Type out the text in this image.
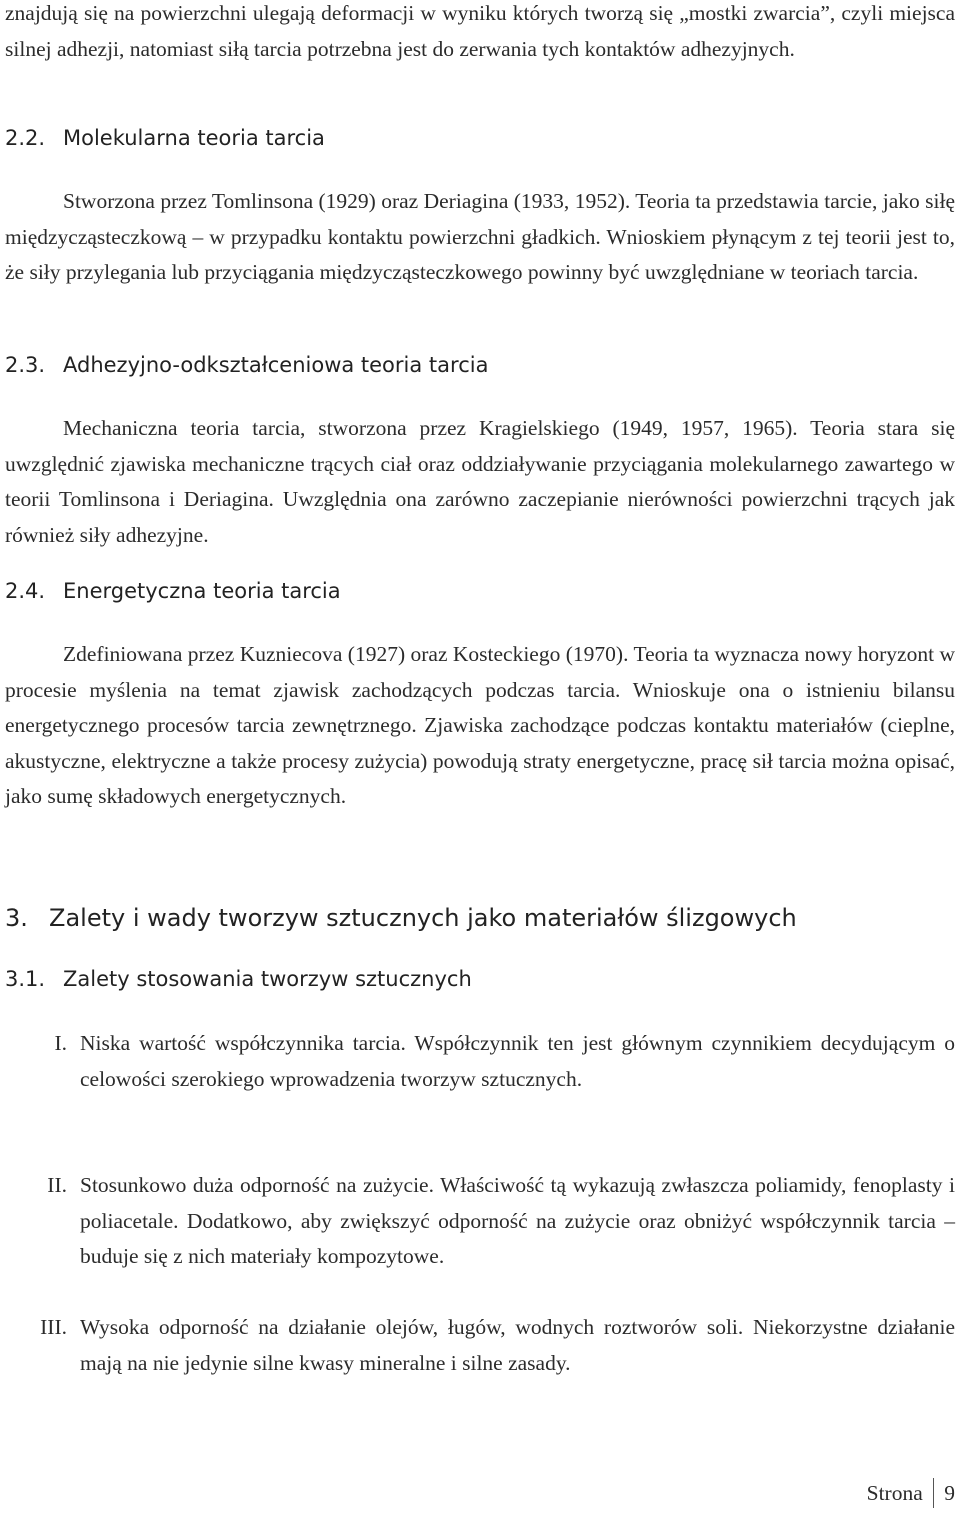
znajdują się na powierzchni ulegają deformacji w wyniku których tworzą się „mostki zwarcia”, czyli miejsca silnej adhezji, natomiast siłą tarcia potrzebna jest do zerwania tych kontaktów adhezyjnych.

2.2. Molekularna teoria tarcia

Stworzona przez Tomlinsona (1929) oraz Deriagina (1933, 1952). Teoria ta przedstawia tarcie, jako siłę międzycząsteczkową – w przypadku kontaktu powierzchni gładkich. Wnioskiem płynącym z tej teorii jest to, że siły przylegania lub przyciągania międzycząsteczkowego powinny być uwzględniane w teoriach tarcia.

2.3. Adhezyjno-odkształceniowa teoria tarcia

Mechaniczna teoria tarcia, stworzona przez Kragielskiego (1949, 1957, 1965). Teoria stara się uwzględnić zjawiska mechaniczne trących ciał oraz oddziaływanie przyciągania molekularnego zawartego w teorii Tomlinsona i Deriagina. Uwzględnia ona zarówno zaczepianie nierówności powierzchni trących jak również siły adhezyjne.

2.4. Energetyczna teoria tarcia

Zdefiniowana przez Kuzniecova (1927) oraz Kosteckiego (1970). Teoria ta wyznacza nowy horyzont w procesie myślenia na temat zjawisk zachodzących podczas tarcia. Wnioskuje ona o istnieniu bilansu energetycznego procesów tarcia zewnętrznego. Zjawiska zachodzące podczas kontaktu materiałów (cieplne, akustyczne, elektryczne a także procesy zużycia) powodują straty energetyczne, pracę sił tarcia można opisać, jako sumę składowych energetycznych.

3. Zalety i wady tworzyw sztucznych jako materiałów ślizgowych
3.1. Zalety stosowania tworzyw sztucznych
I. Niska wartość współczynnika tarcia. Współczynnik ten jest głównym czynnikiem decydującym o celowości szerokiego wprowadzenia tworzyw sztucznych.

II. Stosunkowo duża odporność na zużycie. Właściwość tą wykazują zwłaszcza poliamidy, fenoplasty i poliacetale. Dodatkowo, aby zwiększyć odporność na zużycie oraz obniżyć współczynnik tarcia – buduje się z nich materiały kompozytowe.

III. Wysoka odporność na działanie olejów, ługów, wodnych roztworów soli. Niekorzystne działanie mają na nie jedynie silne kwasy mineralne i silne zasady.

Strona 9
